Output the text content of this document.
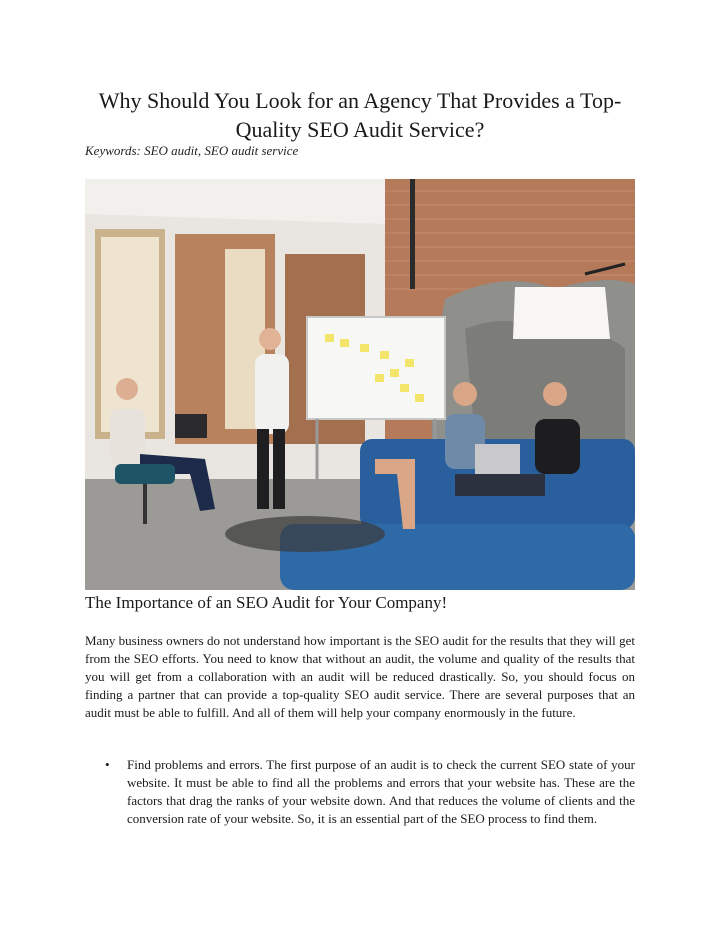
Why Should You Look for an Agency That Provides a Top-Quality SEO Audit Service?
Keywords: SEO audit, SEO audit service
The Importance of an SEO Audit for Your Company!

Many business owners do not understand how important is the SEO audit for the results that they will get from the SEO efforts. You need to know that without an audit, the volume and quality of the results that you will get from a collaboration with an audit will be reduced drastically. So, you should focus on finding a partner that can provide a top-quality SEO audit service. There are several purposes that an audit must be able to fulfill. And all of them will help your company enormously in the future.

• Find problems and errors. The first purpose of an audit is to check the current SEO state of your website. It must be able to find all the problems and errors that your website has. These are the factors that drag the ranks of your website down. And that reduces the volume of clients and the conversion rate of your website. So, it is an essential part of the SEO process to find them.
